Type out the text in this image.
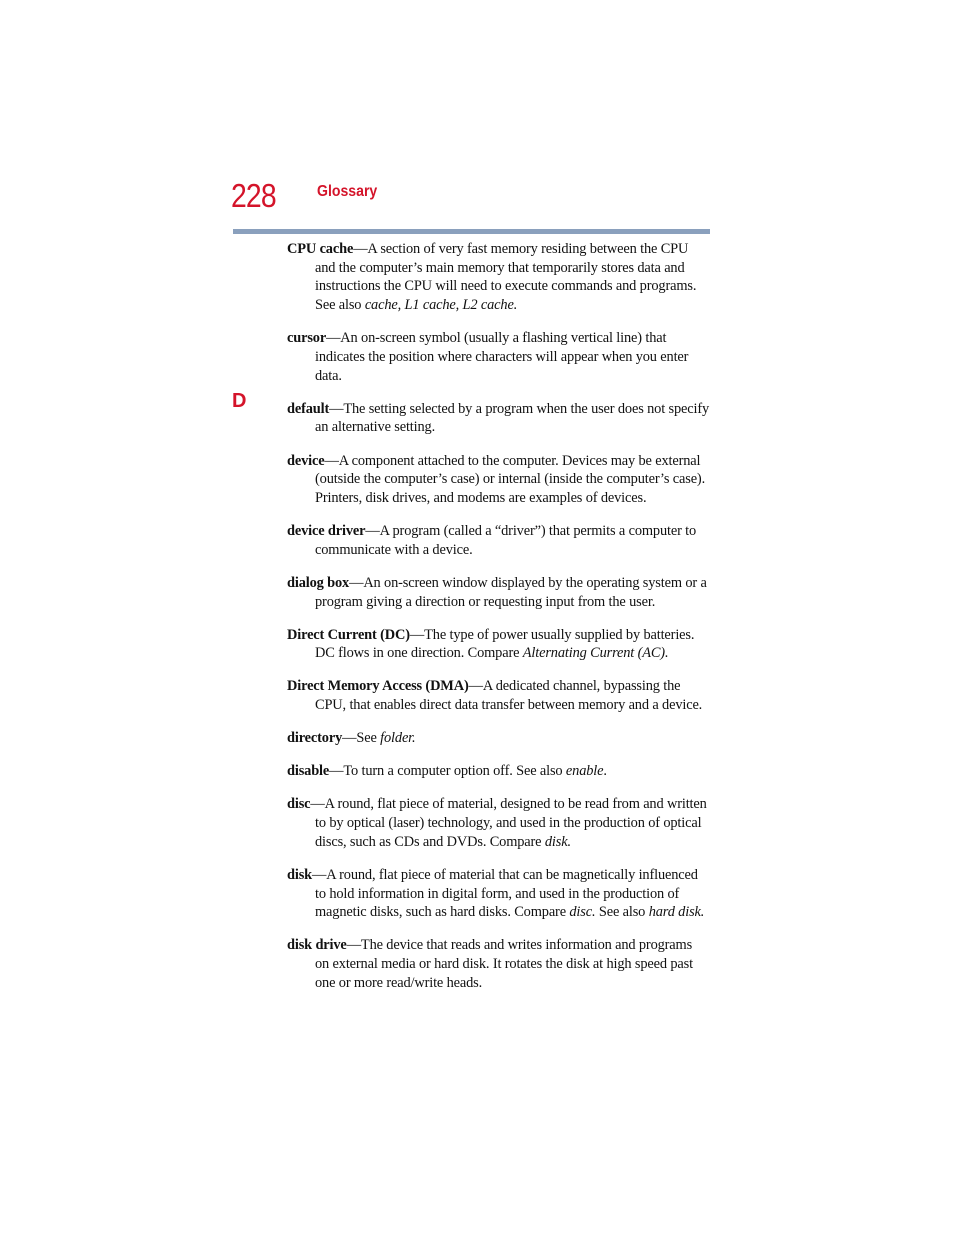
228	Glossary
D

CPU cache—A section of very fast memory residing between the CPU and the computer’s main memory that temporarily stores data and instructions the CPU will need to execute commands and programs. See also cache, L1 cache, L2 cache.

cursor—An on-screen symbol (usually a flashing vertical line) that indicates the position where characters will appear when you enter data.

default—The setting selected by a program when the user does not specify an alternative setting.

device—A component attached to the computer. Devices may be external (outside the computer’s case) or internal (inside the computer’s case). Printers, disk drives, and modems are examples of devices.

device driver—A program (called a “driver”) that permits a computer to communicate with a device.

dialog box—An on-screen window displayed by the operating system or a program giving a direction or requesting input from the user.

Direct Current (DC)—The type of power usually supplied by batteries. DC flows in one direction. Compare Alternating Current (AC).

Direct Memory Access (DMA)—A dedicated channel, bypassing the CPU, that enables direct data transfer between memory and a device.

directory—See folder.

disable—To turn a computer option off. See also enable.

disc—A round, flat piece of material, designed to be read from and written to by optical (laser) technology, and used in the production of optical discs, such as CDs and DVDs. Compare disk.

disk—A round, flat piece of material that can be magnetically influenced to hold information in digital form, and used in the production of magnetic disks, such as hard disks. Compare disc. See also hard disk.

disk drive—The device that reads and writes information and programs on external media or hard disk. It rotates the disk at high speed past one or more read/write heads.
